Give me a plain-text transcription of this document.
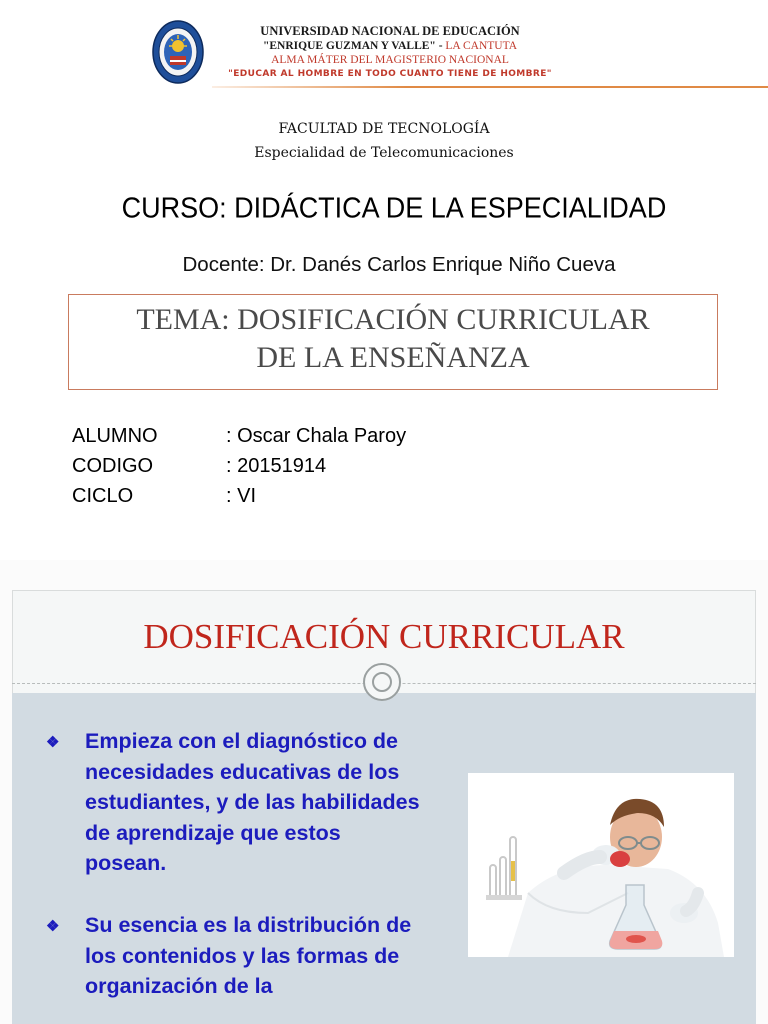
UNIVERSIDAD NACIONAL DE EDUCACIÓN
"ENRIQUE GUZMAN Y VALLE" - LA CANTUTA
ALMA MÁTER DEL MAGISTERIO NACIONAL
"EDUCAR AL HOMBRE EN TODO CUANTO TIENE DE HOMBRE"
FACULTAD DE TECNOLOGÍA
Especialidad de Telecomunicaciones
CURSO: DIDÁCTICA DE LA ESPECIALIDAD
Docente: Dr. Danés Carlos Enrique Niño Cueva
TEMA: DOSIFICACIÓN CURRICULAR
DE LA ENSEÑANZA
ALUMNO	: Oscar Chala Paroy
CODIGO	: 20151914
CICLO	: VI
DOSIFICACIÓN CURRICULAR
❖	Empieza con el diagnóstico de necesidades educativas de los estudiantes, y de las habilidades de aprendizaje que estos posean.
❖	Su esencia es la distribución de los contenidos y las formas de organización de la
